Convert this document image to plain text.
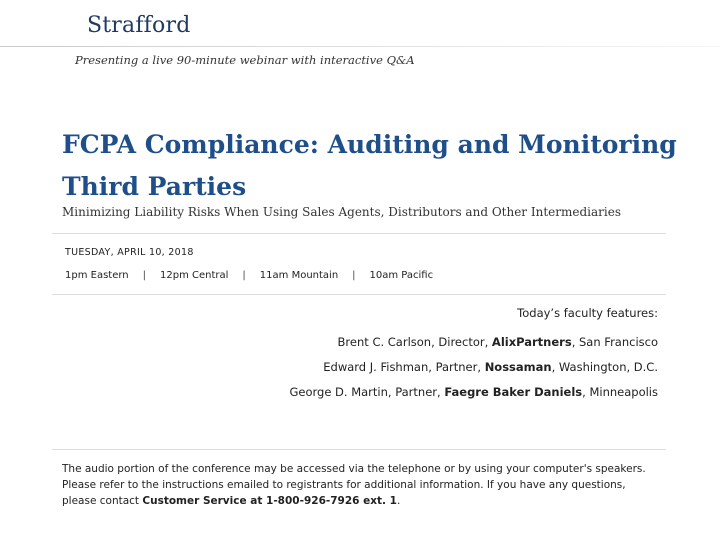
Strafford
Presenting a live 90-minute webinar with interactive Q&A
FCPA Compliance: Auditing and Monitoring
Third Parties
Minimizing Liability Risks When Using Sales Agents, Distributors and Other Intermediaries
TUESDAY, APRIL 10, 2018
1pm Eastern | 12pm Central | 11am Mountain | 10am Pacific
Today’s faculty features:
Brent C. Carlson, Director, AlixPartners, San Francisco
Edward J. Fishman, Partner, Nossaman, Washington, D.C.
George D. Martin, Partner, Faegre Baker Daniels, Minneapolis
The audio portion of the conference may be accessed via the telephone or by using your computer's speakers. Please refer to the instructions emailed to registrants for additional information. If you have any questions, please contact Customer Service at 1-800-926-7926 ext. 1.
